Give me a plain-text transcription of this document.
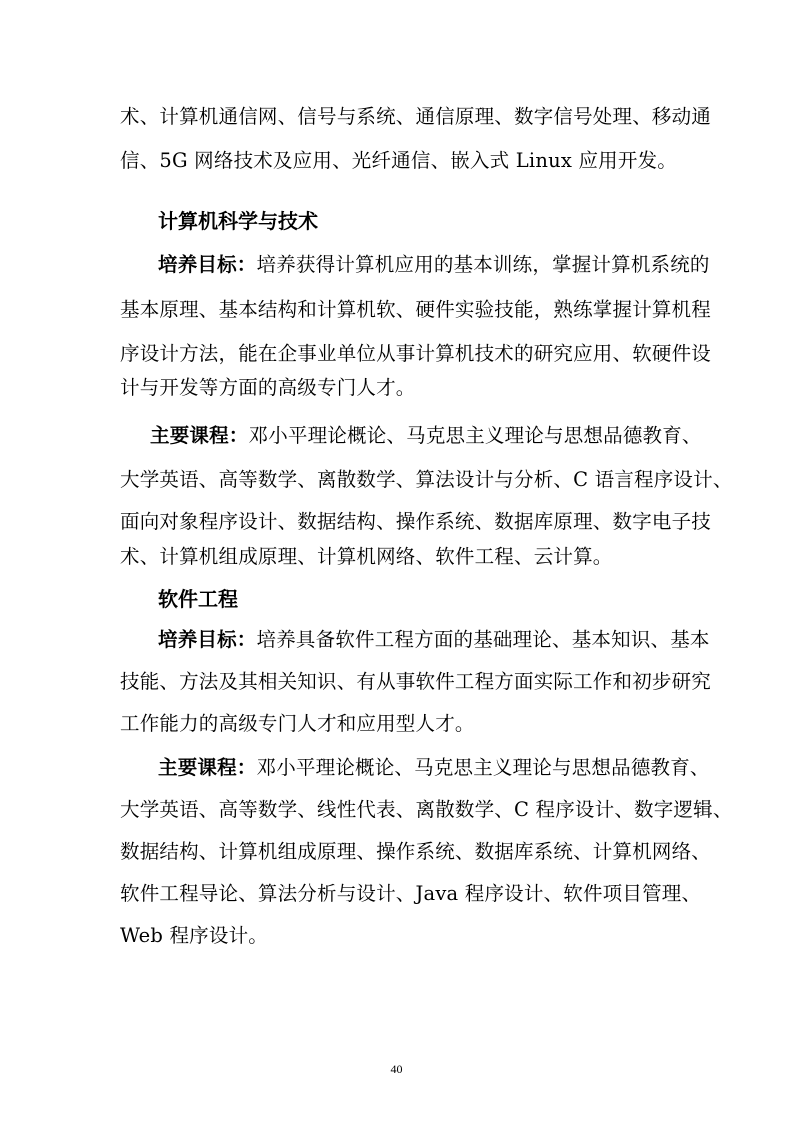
术、计算机通信网、信号与系统、通信原理、数字信号处理、移动通
信、5G 网络技术及应用、光纤通信、嵌入式 Linux 应用开发。
计算机科学与技术
培养目标：培养获得计算机应用的基本训练，掌握计算机系统的
基本原理、基本结构和计算机软、硬件实验技能，熟练掌握计算机程
序设计方法，能在企事业单位从事计算机技术的研究应用、软硬件设
计与开发等方面的高级专门人才。
主要课程：邓小平理论概论、马克思主义理论与思想品德教育、
大学英语、高等数学、离散数学、算法设计与分析、C 语言程序设计、
面向对象程序设计、数据结构、操作系统、数据库原理、数字电子技
术、计算机组成原理、计算机网络、软件工程、云计算。
软件工程
培养目标：培养具备软件工程方面的基础理论、基本知识、基本
技能、方法及其相关知识、有从事软件工程方面实际工作和初步研究
工作能力的高级专门人才和应用型人才。
主要课程：邓小平理论概论、马克思主义理论与思想品德教育、
大学英语、高等数学、线性代表、离散数学、C 程序设计、数字逻辑、
数据结构、计算机组成原理、操作系统、数据库系统、计算机网络、
软件工程导论、算法分析与设计、Java 程序设计、软件项目管理、
Web 程序设计。
40
